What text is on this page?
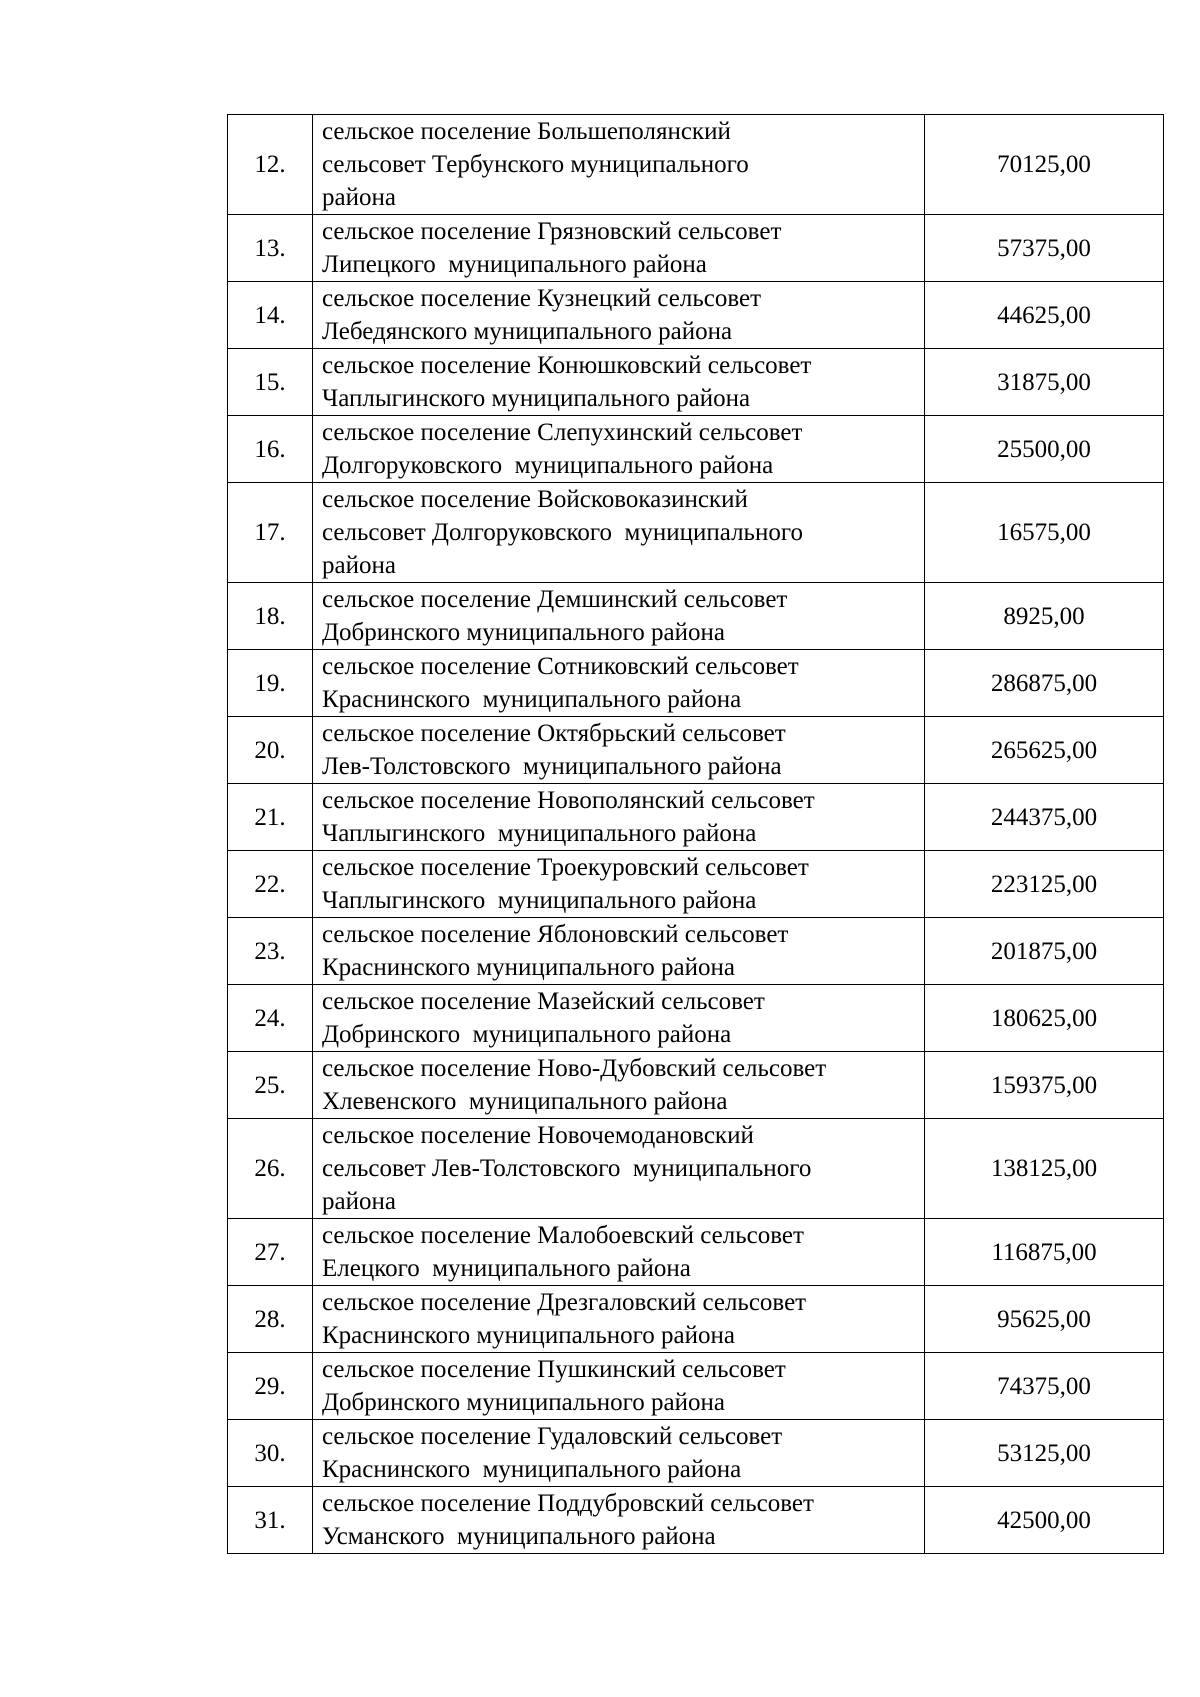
12.	сельское поселение Большеполянский
сельсовет Тербунского муниципального
района	70125,00
13.	сельское поселение Грязновский сельсовет
Липецкого  муниципального района	57375,00
14.	сельское поселение Кузнецкий сельсовет
Лебедянского муниципального района	44625,00
15.	сельское поселение Конюшковский сельсовет
Чаплыгинского муниципального района	31875,00
16.	сельское поселение Слепухинский сельсовет
Долгоруковского  муниципального района	25500,00
17.	сельское поселение Войсковоказинский
сельсовет Долгоруковского  муниципального
района	16575,00
18.	сельское поселение Демшинский сельсовет
Добринского муниципального района	8925,00
19.	сельское поселение Сотниковский сельсовет
Краснинского  муниципального района	286875,00
20.	сельское поселение Октябрьский сельсовет
Лев-Толстовского  муниципального района	265625,00
21.	сельское поселение Новополянский сельсовет
Чаплыгинского  муниципального района	244375,00
22.	сельское поселение Троекуровский сельсовет
Чаплыгинского  муниципального района	223125,00
23.	сельское поселение Яблоновский сельсовет
Краснинского муниципального района	201875,00
24.	сельское поселение Мазейский сельсовет
Добринского  муниципального района	180625,00
25.	сельское поселение Ново-Дубовский сельсовет
Хлевенского  муниципального района	159375,00
26.	сельское поселение Новочемодановский
сельсовет Лев-Толстовского  муниципального
района	138125,00
27.	сельское поселение Малобоевский сельсовет
Елецкого  муниципального района	116875,00
28.	сельское поселение Дрезгаловский сельсовет
Краснинского муниципального района	95625,00
29.	сельское поселение Пушкинский сельсовет
Добринского муниципального района	74375,00
30.	сельское поселение Гудаловский сельсовет
Краснинского  муниципального района	53125,00
31.	сельское поселение Поддубровский сельсовет
Усманского  муниципального района	42500,00
